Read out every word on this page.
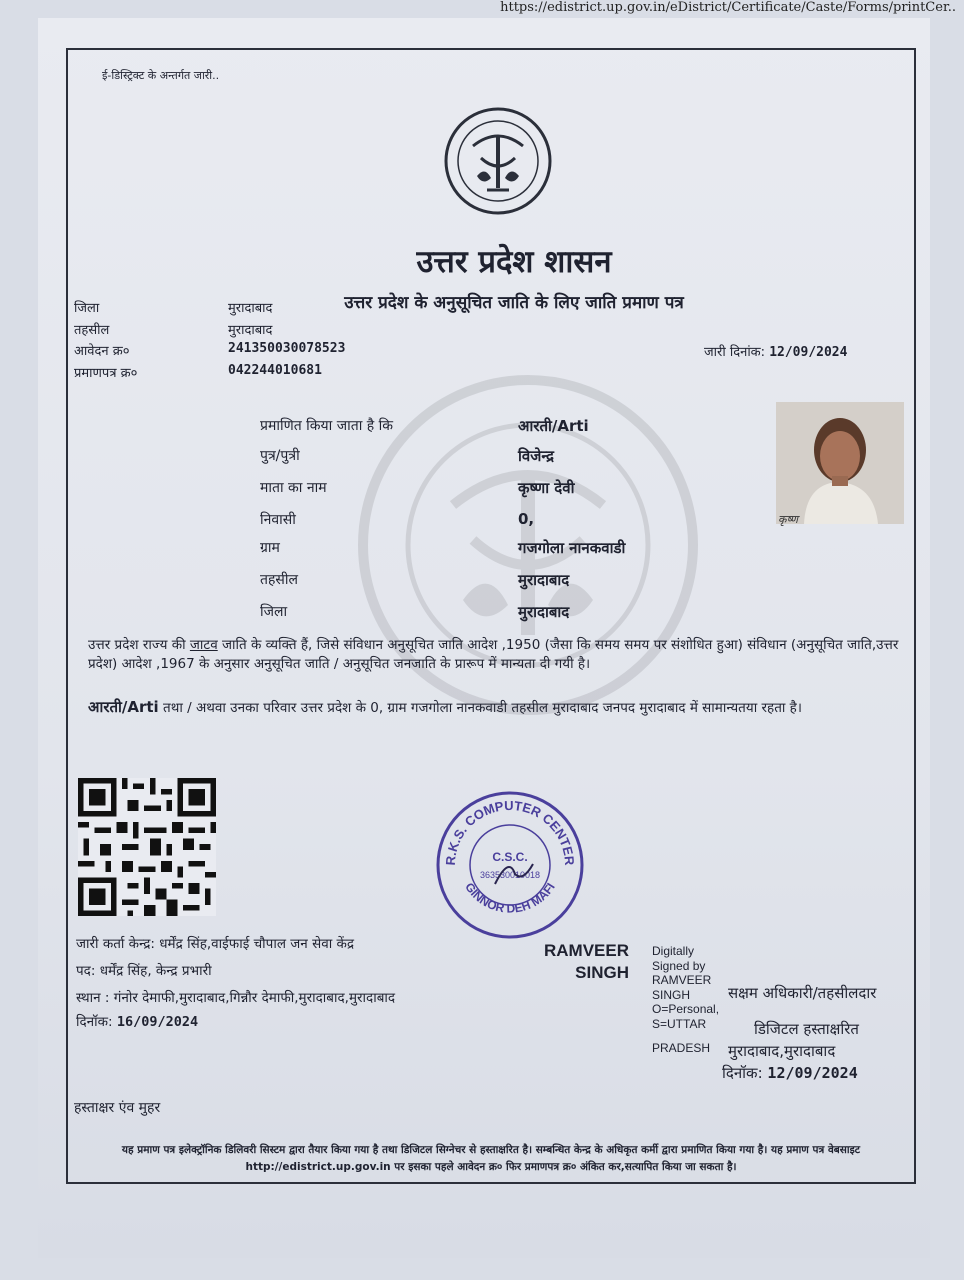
https://edistrict.up.gov.in/eDistrict/Certificate/Caste/Forms/printCer..
ई-डिस्ट्रिक्ट के अन्तर्गत जारी..
उत्तर प्रदेश शासन
उत्तर प्रदेश के अनुसूचित जाति के लिए जाति प्रमाण पत्र
जिला	मुरादाबाद
तहसील	मुरादाबाद
आवेदन क्र०	241350030078523
प्रमाणपत्र क्र०	042244010681
जारी दिनांक: 12/09/2024
कृष्ण
प्रमाणित किया जाता है कि	आरती/Arti
पुत्र/पुत्री	विजेन्द्र
माता का नाम	कृष्णा देवी
निवासी	0,
ग्राम	गजगोला नानकवाडी
तहसील	मुरादाबाद
जिला	मुरादाबाद
उत्तर प्रदेश राज्य की जाटव जाति के व्यक्ति हैं, जिसे संविधान अनुसूचित जाति आदेश ,1950 (जैसा कि समय समय पर संशोधित हुआ) संविधान (अनुसूचित जाति,उत्तर प्रदेश) आदेश ,1967 के अनुसार अनुसूचित जाति / अनुसूचित जनजाति के प्रारूप में मान्यता दी गयी है।
आरती/Arti तथा / अथवा उनका परिवार उत्तर प्रदेश के 0, ग्राम गजगोला नानकवाडी तहसील मुरादाबाद जनपद मुरादाबाद में सामान्यतया रहता है।
R.K.S. COMPUTER CENTER
GINNOR DEH MAFI
C.S.C.
363530010018
जारी कर्ता केन्द्र: धर्मेंद्र सिंह,वाईफाई चौपाल जन सेवा केंद्र
पद: धर्मेंद्र सिंह, केन्द्र प्रभारी
स्थान : गंनोर देमाफी,मुरादाबाद,गिन्नौर देमाफी,मुरादाबाद,मुरादाबाद
दिनॉक: 16/09/2024
RAMVEER
SINGH
Digitally
Signed by
RAMVEER
SINGH
O=Personal,
S=UTTAR
PRADESH
सक्षम अधिकारी/तहसीलदार
डिजिटल हस्ताक्षरित
मुरादाबाद,मुरादाबाद
दिनॉक: 12/09/2024
हस्ताक्षर एंव मुहर
यह प्रमाण पत्र इलेक्ट्रॉनिक डिलिवरी सिस्टम द्वारा तैयार किया गया है तथा डिजिटल सिग्नेचर से हस्ताक्षरित है। सम्बन्धित केन्द्र के अधिकृत कर्मी द्वारा प्रमाणित किया गया है। यह प्रमाण पत्र वेबसाइट http://edistrict.up.gov.in पर इसका पहले आवेदन क्र० फिर प्रमाणपत्र क्र० अंकित कर,सत्यापित किया जा सकता है।
